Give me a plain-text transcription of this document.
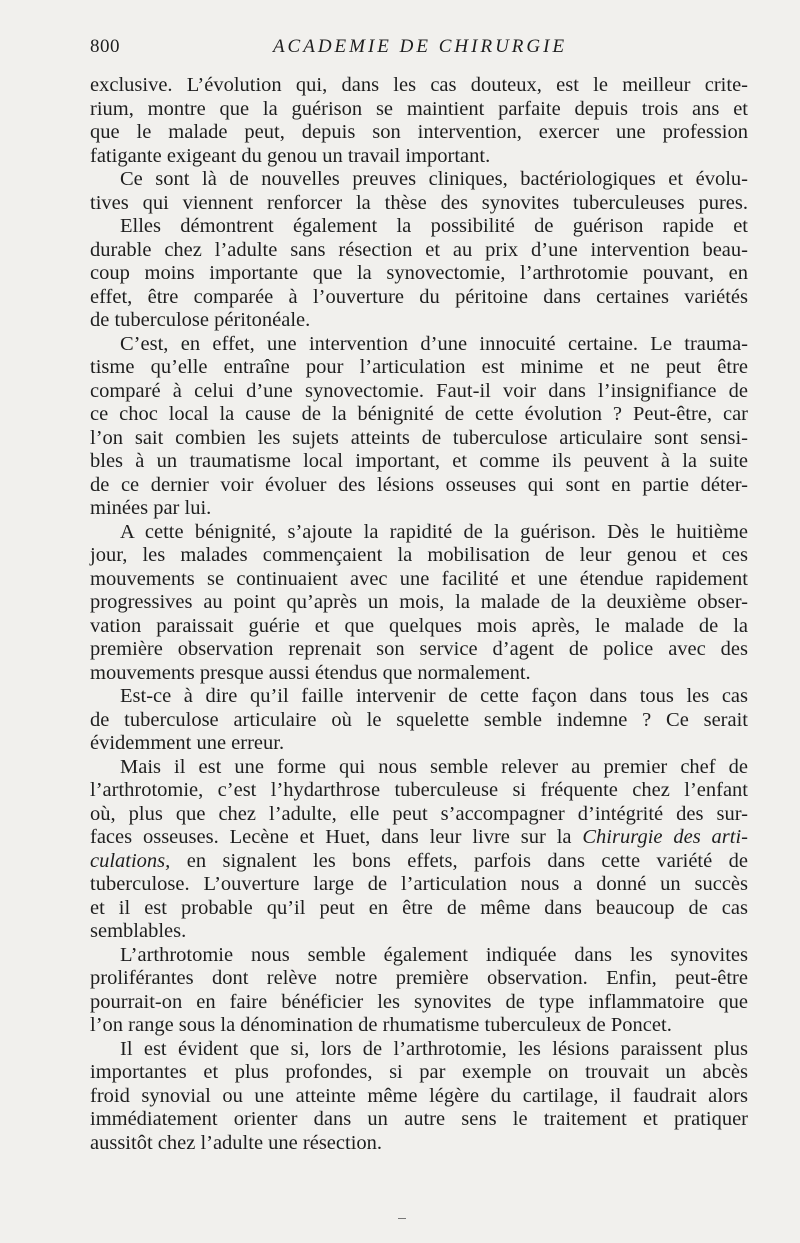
800	ACADEMIE DE CHIRURGIE
exclusive. L’évolution qui, dans les cas douteux, est le meilleur crite-
rium, montre que la guérison se maintient parfaite depuis trois ans et
que le malade peut, depuis son intervention, exercer une profession
fatigante exigeant du genou un travail important.
Ce sont là de nouvelles preuves cliniques, bactériologiques et évolu-
tives qui viennent renforcer la thèse des synovites tuberculeuses pures.
Elles démontrent également la possibilité de guérison rapide et
durable chez l’adulte sans résection et au prix d’une intervention beau-
coup moins importante que la synovectomie, l’arthrotomie pouvant, en
effet, être comparée à l’ouverture du péritoine dans certaines variétés
de tuberculose péritonéale.
C’est, en effet, une intervention d’une innocuité certaine. Le trauma-
tisme qu’elle entraîne pour l’articulation est minime et ne peut être
comparé à celui d’une synovectomie. Faut-il voir dans l’insignifiance de
ce choc local la cause de la bénignité de cette évolution ? Peut-être, car
l’on sait combien les sujets atteints de tuberculose articulaire sont sensi-
bles à un traumatisme local important, et comme ils peuvent à la suite
de ce dernier voir évoluer des lésions osseuses qui sont en partie déter-
minées par lui.
A cette bénignité, s’ajoute la rapidité de la guérison. Dès le huitième
jour, les malades commençaient la mobilisation de leur genou et ces
mouvements se continuaient avec une facilité et une étendue rapidement
progressives au point qu’après un mois, la malade de la deuxième obser-
vation paraissait guérie et que quelques mois après, le malade de la
première observation reprenait son service d’agent de police avec des
mouvements presque aussi étendus que normalement.
Est-ce à dire qu’il faille intervenir de cette façon dans tous les cas
de tuberculose articulaire où le squelette semble indemne ? Ce serait
évidemment une erreur.
Mais il est une forme qui nous semble relever au premier chef de
l’arthrotomie, c’est l’hydarthrose tuberculeuse si fréquente chez l’enfant
où, plus que chez l’adulte, elle peut s’accompagner d’intégrité des sur-
faces osseuses. Lecène et Huet, dans leur livre sur la Chirurgie des arti-
culations, en signalent les bons effets, parfois dans cette variété de
tuberculose. L’ouverture large de l’articulation nous a donné un succès
et il est probable qu’il peut en être de même dans beaucoup de cas
semblables.
L’arthrotomie nous semble également indiquée dans les synovites
proliférantes dont relève notre première observation. Enfin, peut-être
pourrait-on en faire bénéficier les synovites de type inflammatoire que
l’on range sous la dénomination de rhumatisme tuberculeux de Poncet.
Il est évident que si, lors de l’arthrotomie, les lésions paraissent plus
importantes et plus profondes, si par exemple on trouvait un abcès
froid synovial ou une atteinte même légère du cartilage, il faudrait alors
immédiatement orienter dans un autre sens le traitement et pratiquer
aussitôt chez l’adulte une résection.
